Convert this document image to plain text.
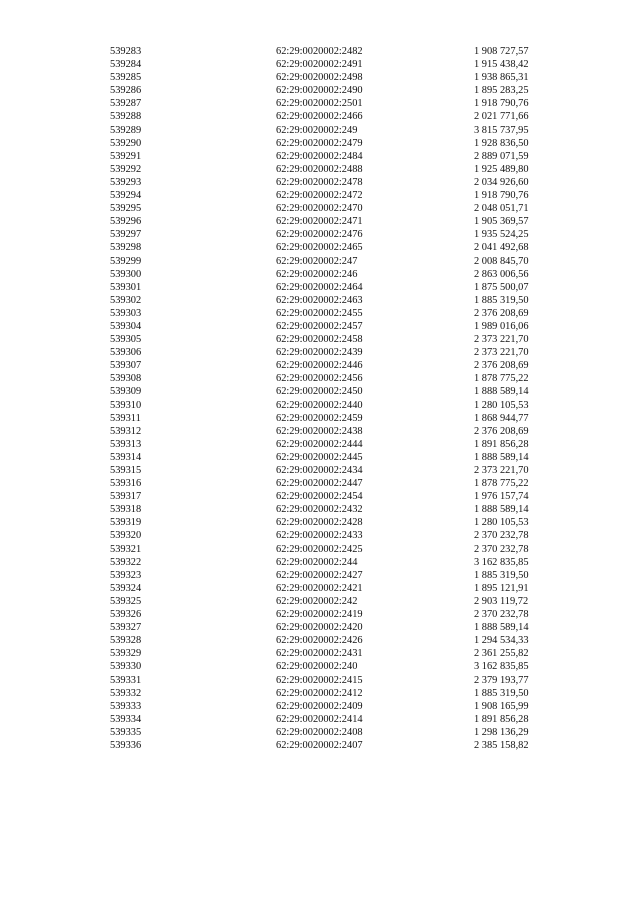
539283	62:29:0020002:2482	1 908 727,57
539284	62:29:0020002:2491	1 915 438,42
539285	62:29:0020002:2498	1 938 865,31
539286	62:29:0020002:2490	1 895 283,25
539287	62:29:0020002:2501	1 918 790,76
539288	62:29:0020002:2466	2 021 771,66
539289	62:29:0020002:249	3 815 737,95
539290	62:29:0020002:2479	1 928 836,50
539291	62:29:0020002:2484	2 889 071,59
539292	62:29:0020002:2488	1 925 489,80
539293	62:29:0020002:2478	2 034 926,60
539294	62:29:0020002:2472	1 918 790,76
539295	62:29:0020002:2470	2 048 051,71
539296	62:29:0020002:2471	1 905 369,57
539297	62:29:0020002:2476	1 935 524,25
539298	62:29:0020002:2465	2 041 492,68
539299	62:29:0020002:247	2 008 845,70
539300	62:29:0020002:246	2 863 006,56
539301	62:29:0020002:2464	1 875 500,07
539302	62:29:0020002:2463	1 885 319,50
539303	62:29:0020002:2455	2 376 208,69
539304	62:29:0020002:2457	1 989 016,06
539305	62:29:0020002:2458	2 373 221,70
539306	62:29:0020002:2439	2 373 221,70
539307	62:29:0020002:2446	2 376 208,69
539308	62:29:0020002:2456	1 878 775,22
539309	62:29:0020002:2450	1 888 589,14
539310	62:29:0020002:2440	1 280 105,53
539311	62:29:0020002:2459	1 868 944,77
539312	62:29:0020002:2438	2 376 208,69
539313	62:29:0020002:2444	1 891 856,28
539314	62:29:0020002:2445	1 888 589,14
539315	62:29:0020002:2434	2 373 221,70
539316	62:29:0020002:2447	1 878 775,22
539317	62:29:0020002:2454	1 976 157,74
539318	62:29:0020002:2432	1 888 589,14
539319	62:29:0020002:2428	1 280 105,53
539320	62:29:0020002:2433	2 370 232,78
539321	62:29:0020002:2425	2 370 232,78
539322	62:29:0020002:244	3 162 835,85
539323	62:29:0020002:2427	1 885 319,50
539324	62:29:0020002:2421	1 895 121,91
539325	62:29:0020002:242	2 903 119,72
539326	62:29:0020002:2419	2 370 232,78
539327	62:29:0020002:2420	1 888 589,14
539328	62:29:0020002:2426	1 294 534,33
539329	62:29:0020002:2431	2 361 255,82
539330	62:29:0020002:240	3 162 835,85
539331	62:29:0020002:2415	2 379 193,77
539332	62:29:0020002:2412	1 885 319,50
539333	62:29:0020002:2409	1 908 165,99
539334	62:29:0020002:2414	1 891 856,28
539335	62:29:0020002:2408	1 298 136,29
539336	62:29:0020002:2407	2 385 158,82
